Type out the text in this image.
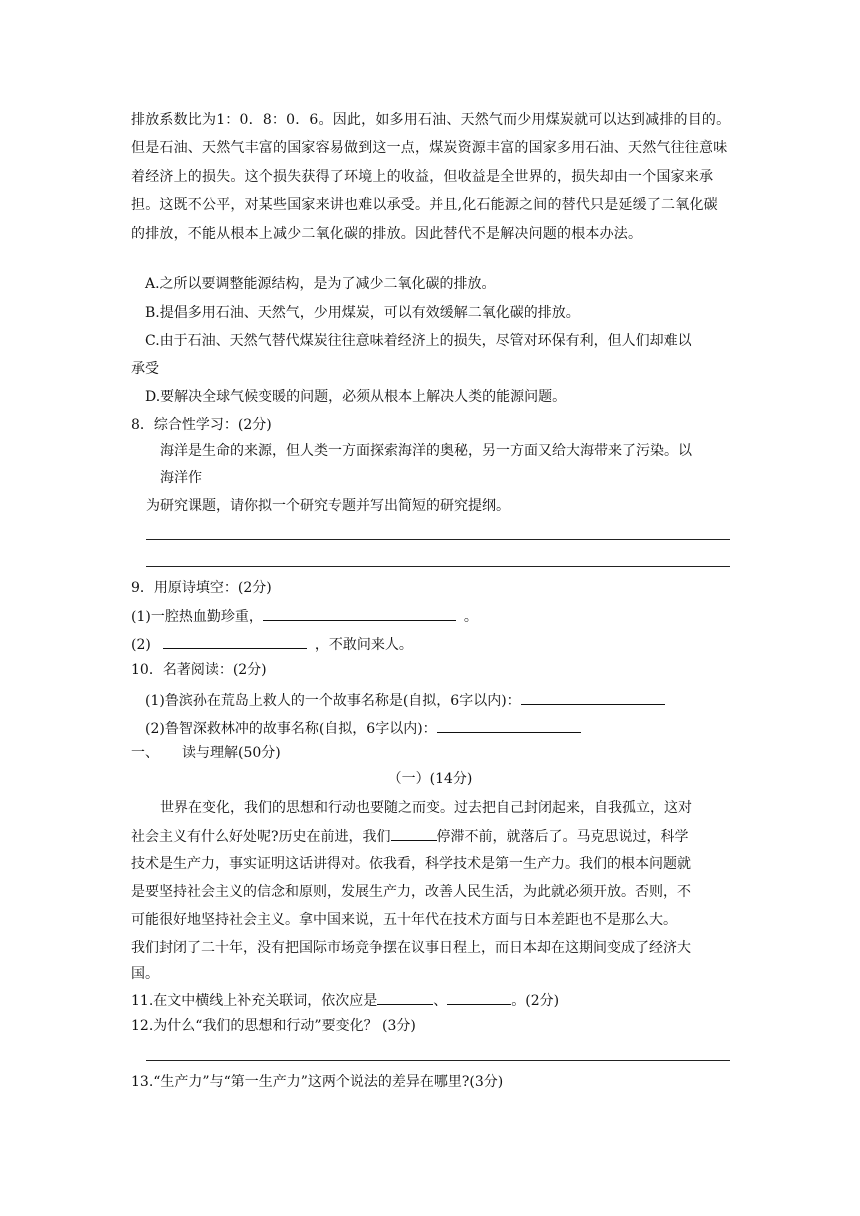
排放系数比为1：0．8：0．6。因此，如多用石油、天然气而少用煤炭就可以达到减排的目的。但是石油、天然气丰富的国家容易做到这一点，煤炭资源丰富的国家多用石油、天然气往往意味着经济上的损失。这个损失获得了环境上的收益，但收益是全世界的，损失却由一个国家来承担。这既不公平，对某些国家来讲也难以承受。并且,化石能源之间的替代只是延缓了二氧化碳的排放，不能从根本上减少二氧化碳的排放。因此替代不是解决问题的根本办法。
A.之所以要调整能源结构，是为了减少二氧化碳的排放。
B.提倡多用石油、天然气，少用煤炭，可以有效缓解二氧化碳的排放。
C.由于石油、天然气替代煤炭往往意味着经济上的损失，尽管对环保有利，但人们却难以
承受
D.要解决全球气候变暖的问题，必须从根本上解决人类的能源问题。
8．综合性学习：(2分)
海洋是生命的来源，但人类一方面探索海洋的奥秘，另一方面又给大海带来了污染。以
海洋作
为研究课题，请你拟一个研究专题并写出简短的研究提纲。
9．用原诗填空：(2分)
(1)一腔热血勤珍重，	。
(2)	，不敢问来人。
10．名著阅读：(2分)
(1)鲁滨孙在荒岛上救人的一个故事名称是(自拟，6字以内)：
(2)鲁智深救林冲的故事名称(自拟，6字以内)：
一、 读与理解(50分)
（一）(14分)
世界在变化，我们的思想和行动也要随之而变。过去把自己封闭起来，自我孤立，这对
社会主义有什么好处呢?历史在前进，我们	停滞不前，就落后了。马克思说过，科学
技术是生产力，事实证明这话讲得对。依我看，科学技术是第一生产力。我们的根本问题就
是要坚持社会主义的信念和原则，发展生产力，改善人民生活，为此就必须开放。否则，不
可能很好地坚持社会主义。拿中国来说，五十年代在技术方面与日本差距也不是那么大。
我们封闭了二十年，没有把国际市场竞争摆在议事日程上，而日本却在这期间变成了经济大
国。
11.在文中横线上补充关联词，依次应是	、	。(2分)
12.为什么“我们的思想和行动”要变化？ (3分)
13.“生产力”与“第一生产力”这两个说法的差异在哪里?(3分)
